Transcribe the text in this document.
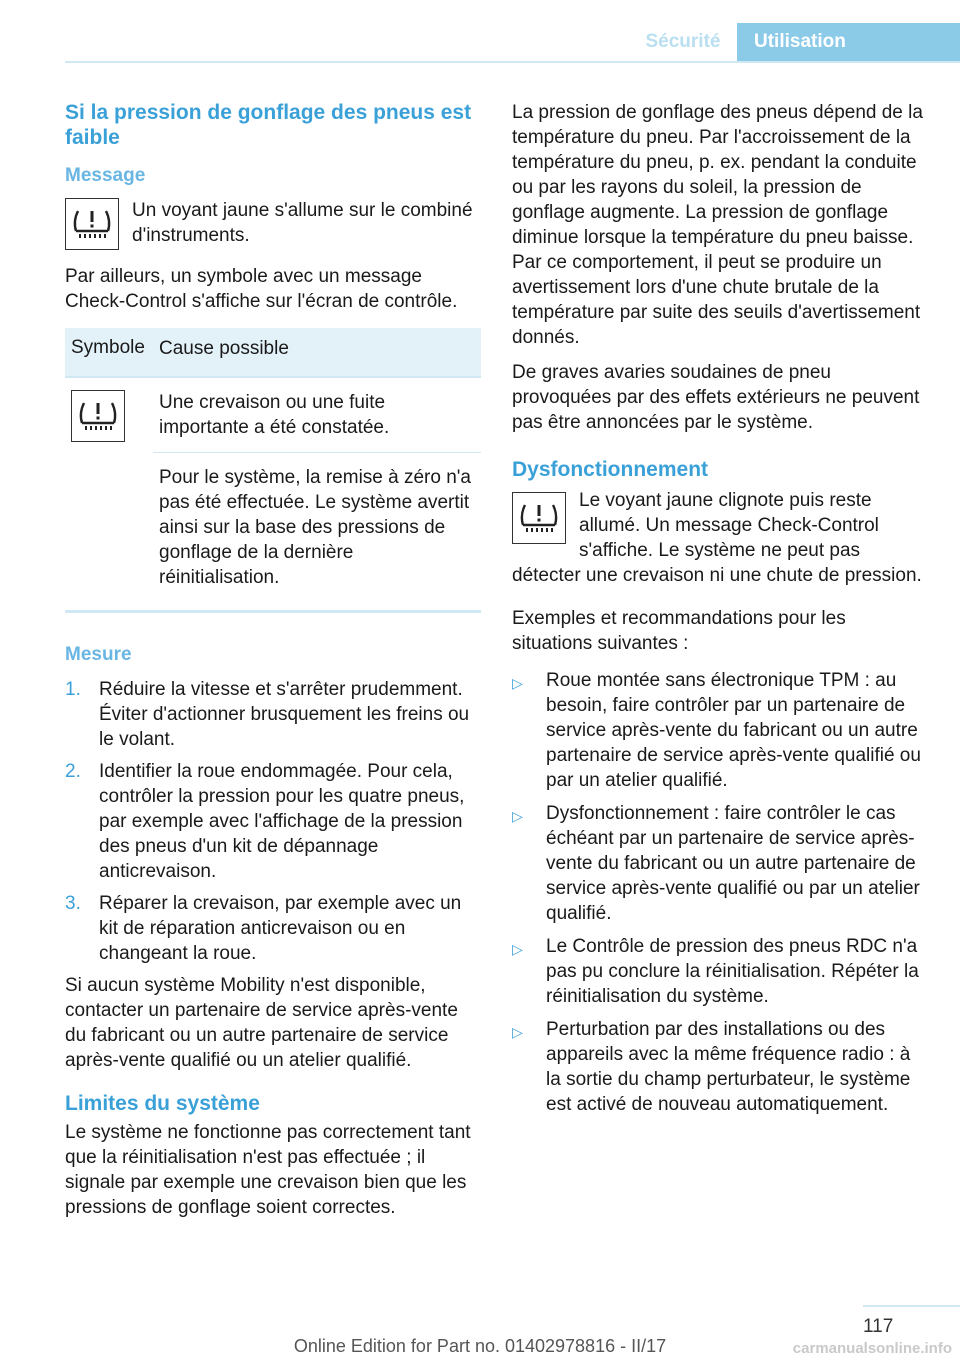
Sécurité	Utilisation
Si la pression de gonflage des pneus est faible
Message
Un voyant jaune s'allume sur le combiné d'instruments.

Par ailleurs, un symbole avec un message Check-Control s'affiche sur l'écran de contrôle.

Symbole Cause possible
Une crevaison ou une fuite importante a été constatée.
Pour le système, la remise à zéro n'a pas été effectuée. Le système avertit ainsi sur la base des pressions de gonflage de la dernière réinitialisation.
Mesure
1. Réduire la vitesse et s'arrêter prudemment. Éviter d'actionner brusquement les freins ou le volant.
2. Identifier la roue endommagée. Pour cela, contrôler la pression pour les quatre pneus, par exemple avec l'affichage de la pression des pneus d'un kit de dépannage anticrevaison.
3. Réparer la crevaison, par exemple avec un kit de réparation anticrevaison ou en changeant la roue.

Si aucun système Mobility n'est disponible, contacter un partenaire de service après-vente du fabricant ou un autre partenaire de service après-vente qualifié ou un atelier qualifié.

Limites du système

Le système ne fonctionne pas correctement tant que la réinitialisation n'est pas effectuée ; il signale par exemple une crevaison bien que les pressions de gonflage soient correctes.

La pression de gonflage des pneus dépend de la température du pneu. Par l'accroissement de la température du pneu, p. ex. pendant la conduite ou par les rayons du soleil, la pression de gonflage augmente. La pression de gonflage diminue lorsque la température du pneu baisse. Par ce comportement, il peut se produire un avertissement lors d'une chute brutale de la température par suite des seuils d'avertissement donnés.

De graves avaries soudaines de pneu provoquées par des effets extérieurs ne peuvent pas être annoncées par le système.

Dysfonctionnement
Le voyant jaune clignote puis reste allumé. Un message Check-Control s'affiche. Le système ne peut pas détecter une crevaison ni une chute de pression.

Exemples et recommandations pour les situations suivantes :

▷	Roue montée sans électronique TPM : au besoin, faire contrôler par un partenaire de service après-vente du fabricant ou un autre partenaire de service après-vente qualifié ou par un atelier qualifié.
▷	Dysfonctionnement : faire contrôler le cas échéant par un partenaire de service après-vente du fabricant ou un autre partenaire de service après-vente qualifié ou par un atelier qualifié.
▷	Le Contrôle de pression des pneus RDC n'a pas pu conclure la réinitialisation. Répéter la réinitialisation du système.
▷	Perturbation par des installations ou des appareils avec la même fréquence radio : à la sortie du champ perturbateur, le système est activé de nouveau automatiquement.
117
Online Edition for Part no. 01402978816 - II/17	carmanualsonline.info
